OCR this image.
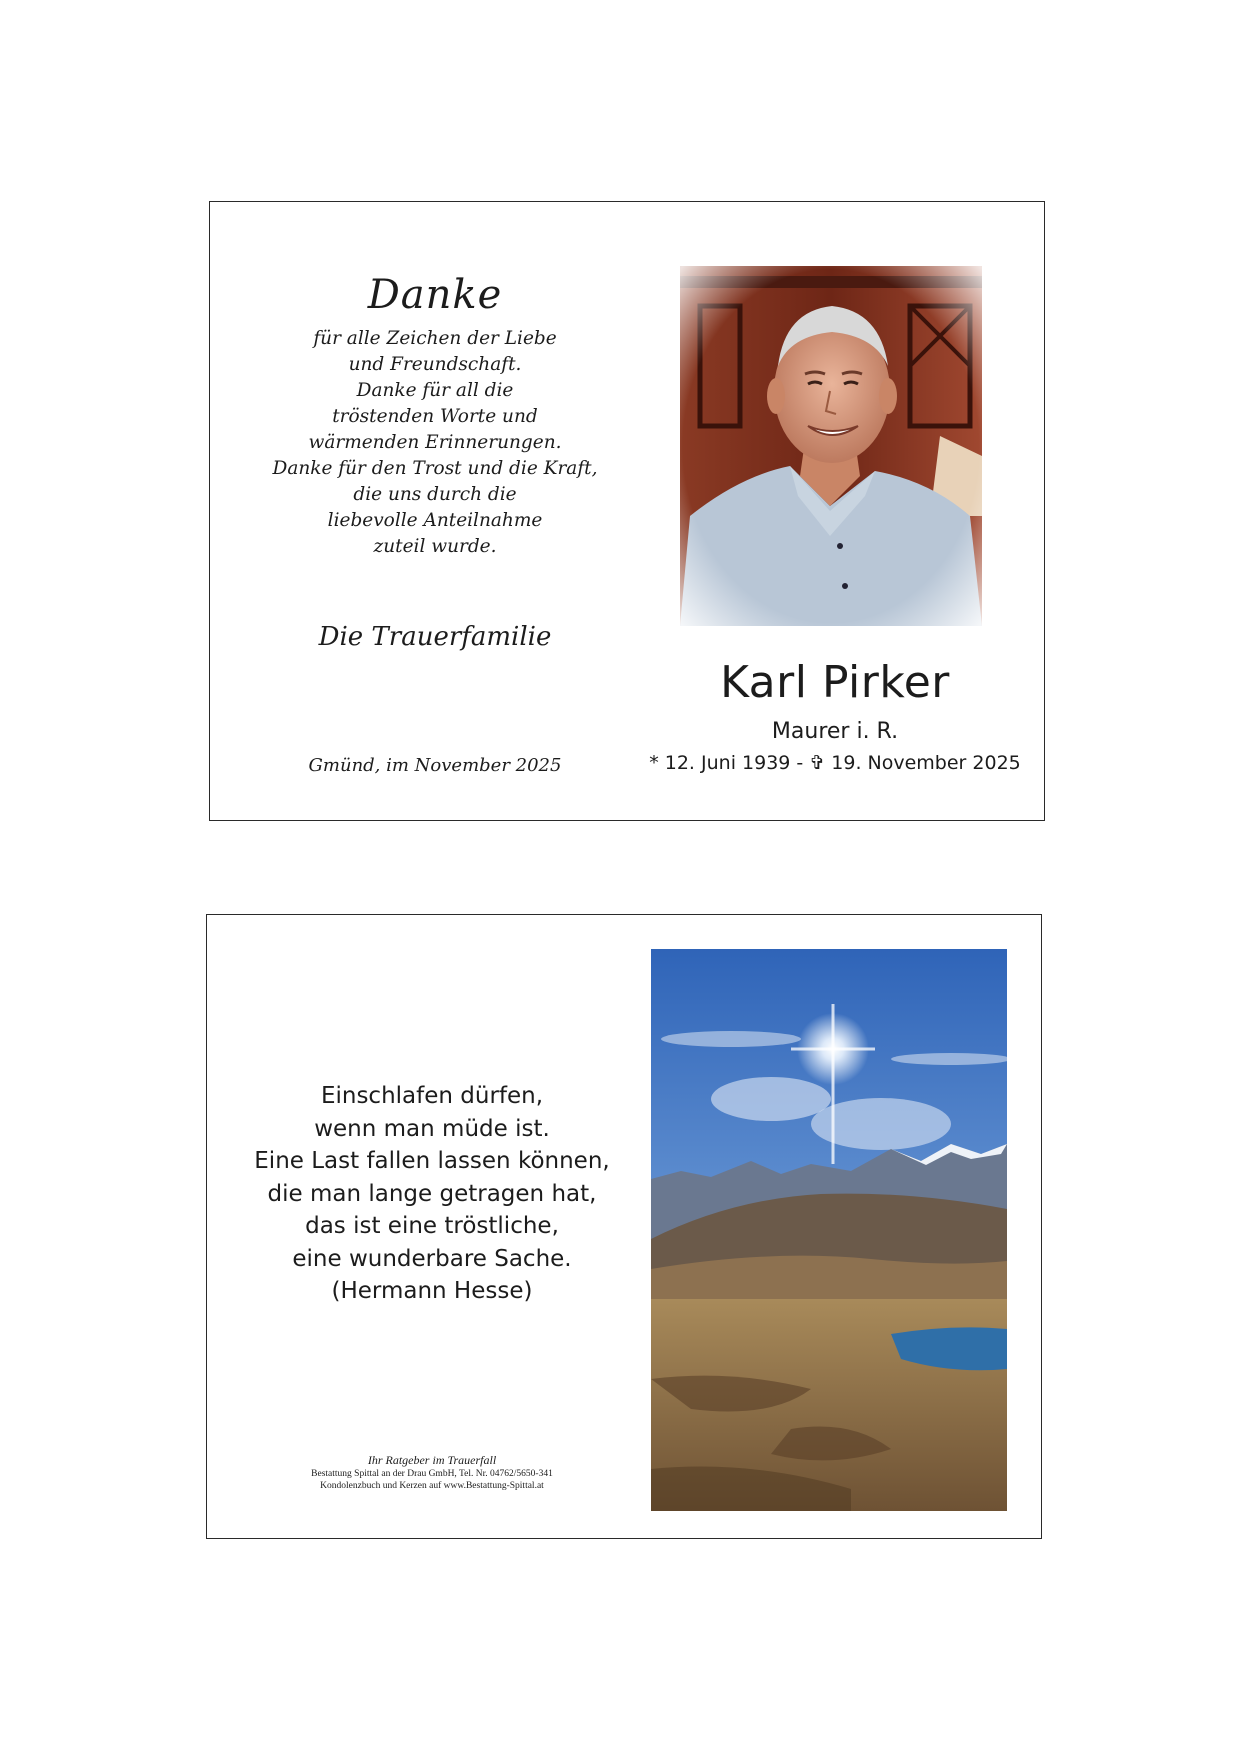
Danke
für alle Zeichen der Liebe
und Freundschaft.
Danke für all die
tröstenden Worte und
wärmenden Erinnerungen.
Danke für den Trost und die Kraft,
die uns durch die
liebevolle Anteilnahme
zuteil wurde.
Die Trauerfamilie
Gmünd, im November 2025
Karl Pirker
Maurer i. R.
* 12. Juni 1939 - ✞ 19. November 2025
Einschlafen dürfen,
wenn man müde ist.
Eine Last fallen lassen können,
die man lange getragen hat,
das ist eine tröstliche,
eine wunderbare Sache.
(Hermann Hesse)
Ihr Ratgeber im Trauerfall
Bestattung Spittal an der Drau GmbH, Tel. Nr. 04762/5650-341
Kondolenzbuch und Kerzen auf www.Bestattung-Spittal.at
